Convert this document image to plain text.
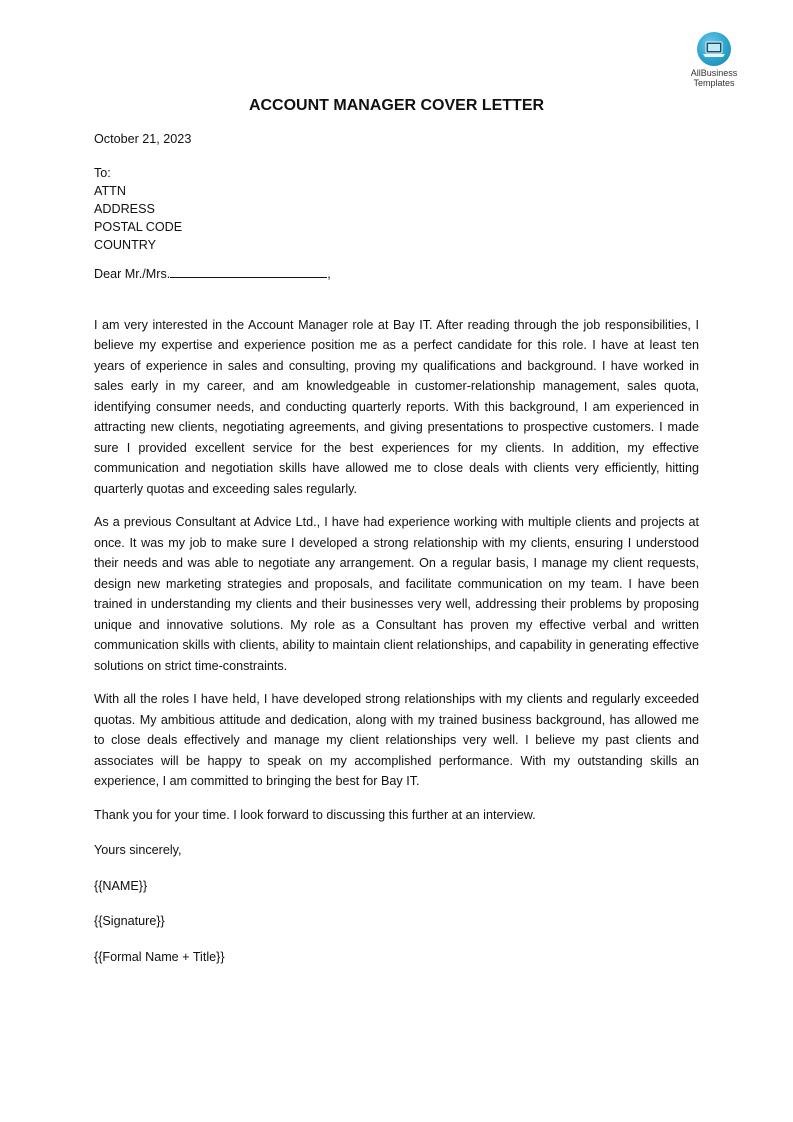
AllBusiness
Templates
ACCOUNT MANAGER COVER LETTER
October 21, 2023
To:
ATTN
ADDRESS
POSTAL CODE
COUNTRY
Dear Mr./Mrs.	,

I am very interested in the Account Manager role at Bay IT. After reading through the job responsibilities, I believe my expertise and experience position me as a perfect candidate for this role. I have at least ten years of experience in sales and consulting, proving my qualifications and background. I have worked in sales early in my career, and am knowledgeable in customer-relationship management, sales quota, identifying consumer needs, and conducting quarterly reports. With this background, I am experienced in attracting new clients, negotiating agreements, and giving presentations to prospective customers. I made sure I provided excellent service for the best experiences for my clients. In addition, my effective communication and negotiation skills have allowed me to close deals with clients very efficiently, hitting quarterly quotas and exceeding sales regularly.

As a previous Consultant at Advice Ltd., I have had experience working with multiple clients and projects at once. It was my job to make sure I developed a strong relationship with my clients, ensuring I understood their needs and was able to negotiate any arrangement. On a regular basis, I manage my client requests, design new marketing strategies and proposals, and facilitate communication on my team. I have been trained in understanding my clients and their businesses very well, addressing their problems by proposing unique and innovative solutions. My role as a Consultant has proven my effective verbal and written communication skills with clients, ability to maintain client relationships, and capability in generating effective solutions on strict time-constraints.

With all the roles I have held, I have developed strong relationships with my clients and regularly exceeded quotas. My ambitious attitude and dedication, along with my trained business background, has allowed me to close deals effectively and manage my client relationships very well. I believe my past clients and associates will be happy to speak on my accomplished performance. With my outstanding skills an experience, I am committed to bringing the best for Bay IT.

Thank you for your time. I look forward to discussing this further at an interview.
Yours sincerely,
{{NAME}}
{{Signature}}
{{Formal Name + Title}}
